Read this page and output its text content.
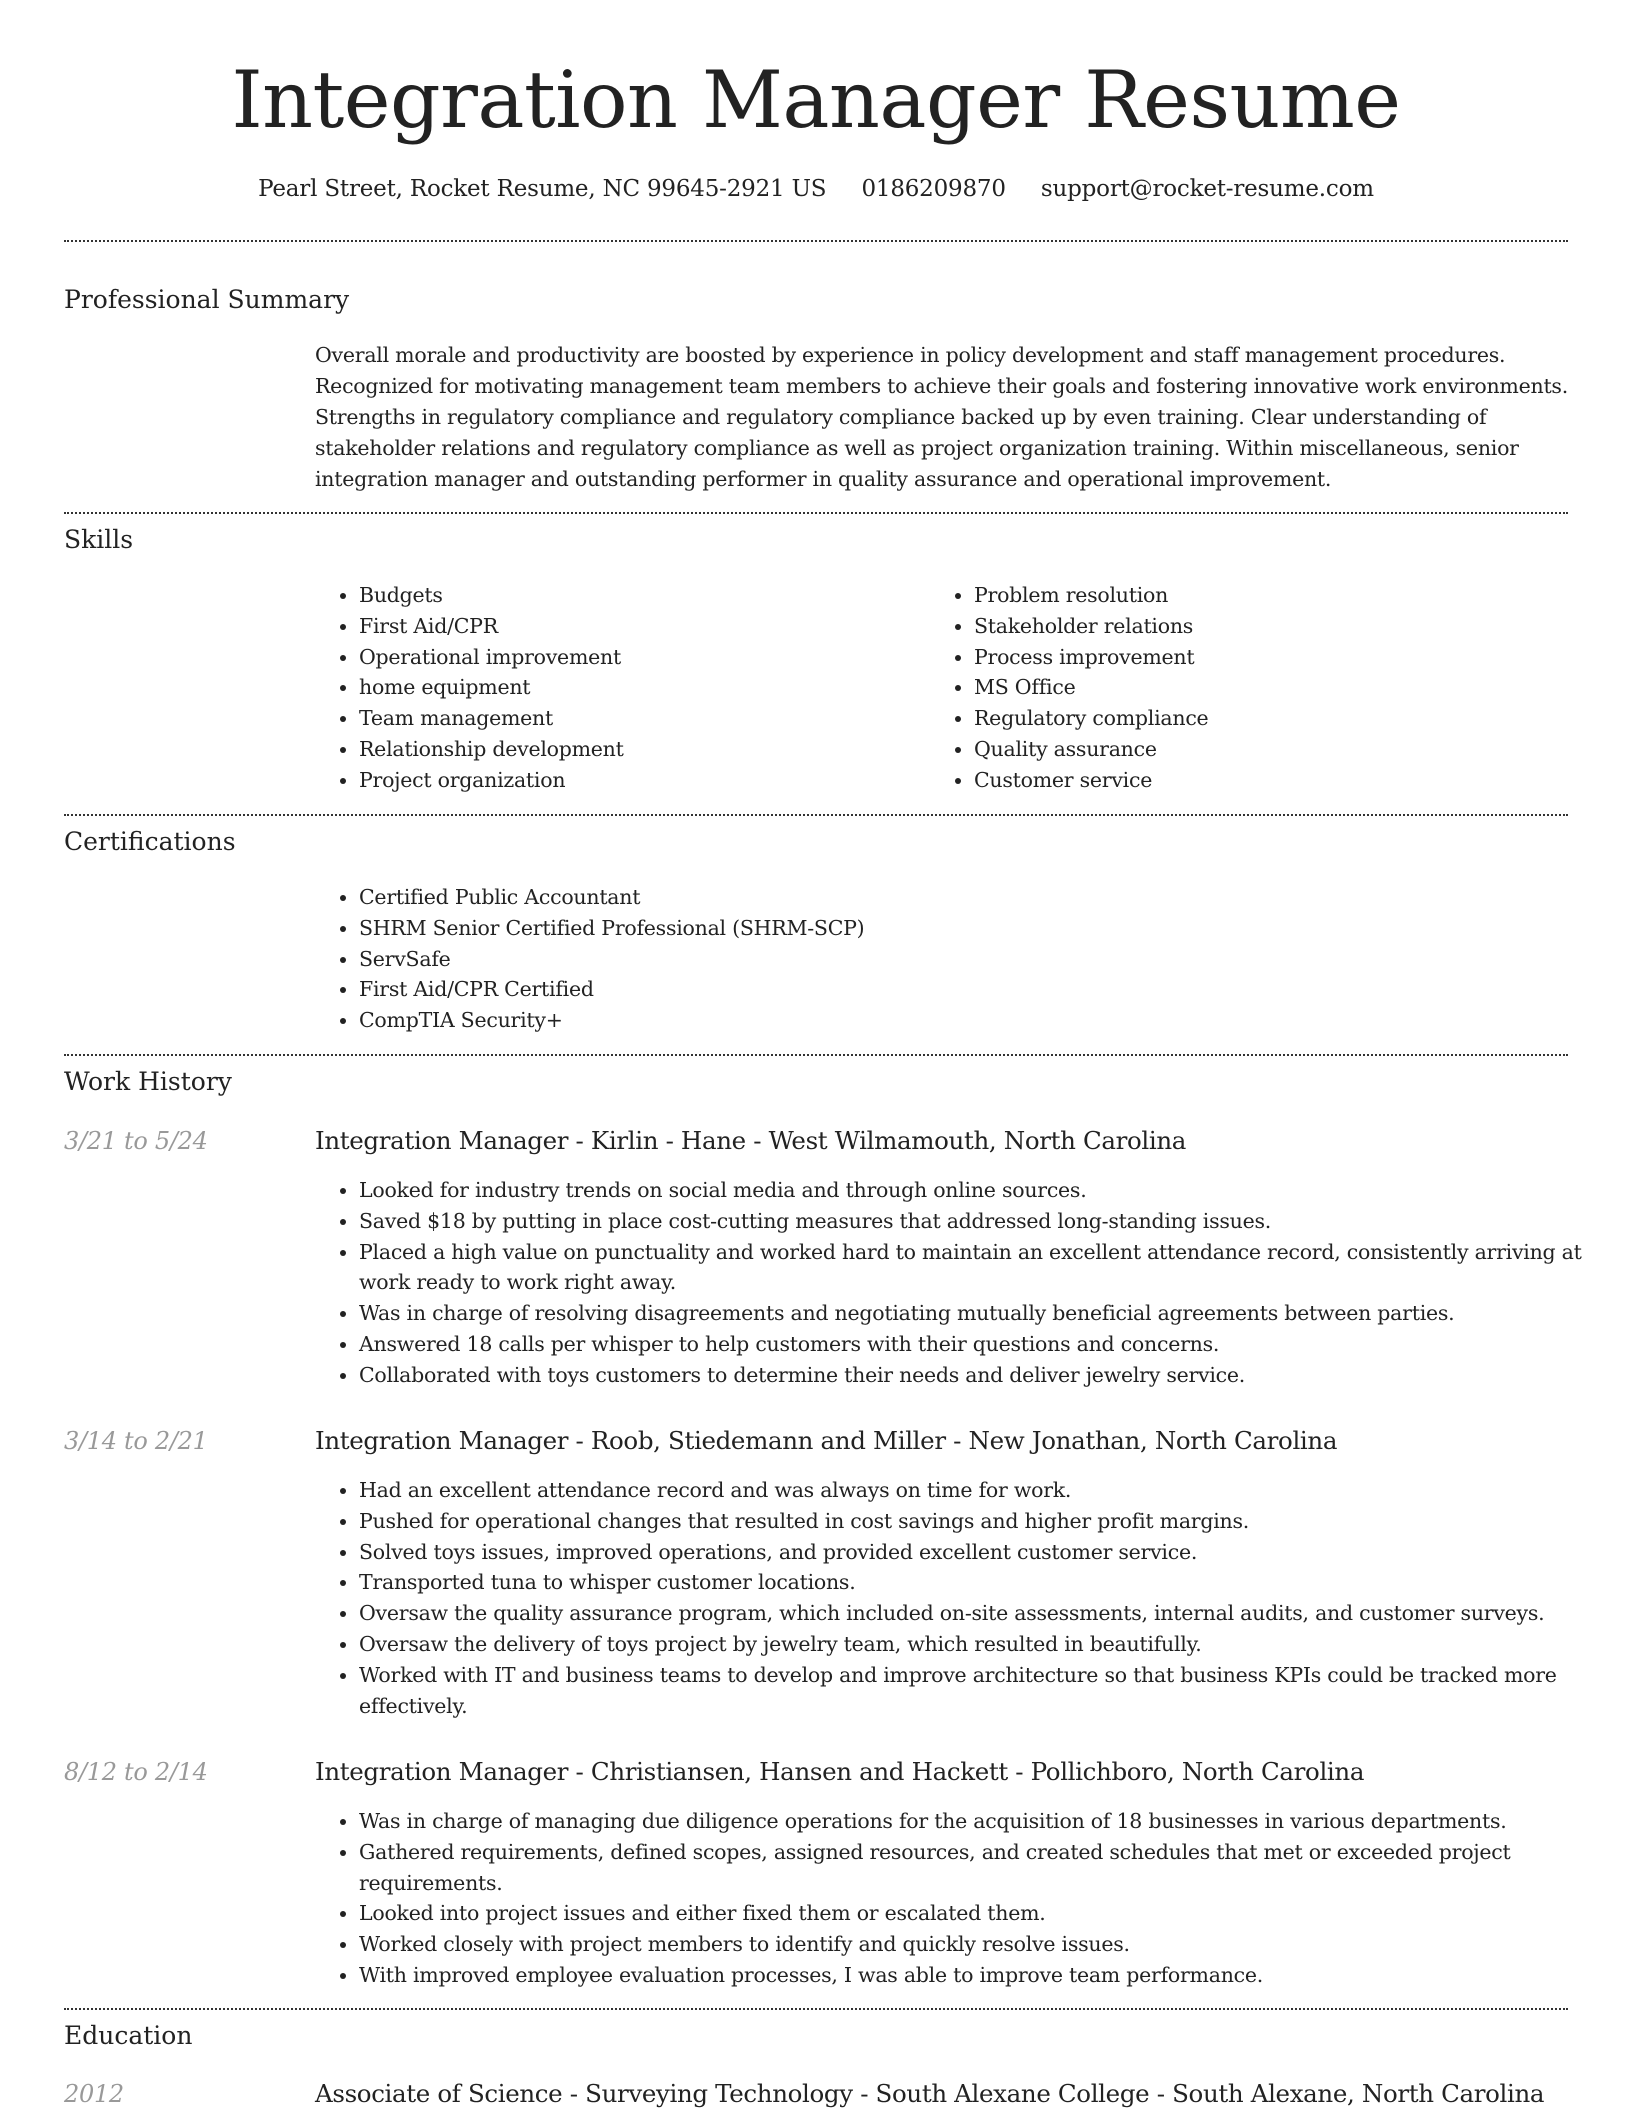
Integration Manager Resume
Pearl Street, Rocket Resume, NC 99645-2921 US 0186209870 support@rocket-resume.com
Professional Summary
Overall morale and productivity are boosted by experience in policy development and staff management procedures. Recognized for motivating management team members to achieve their goals and fostering innovative work environments. Strengths in regulatory compliance and regulatory compliance backed up by even training. Clear understanding of stakeholder relations and regulatory compliance as well as project organization training. Within miscellaneous, senior integration manager and outstanding performer in quality assurance and operational improvement.
Skills
• Budgets
• First Aid/CPR
• Operational improvement
• home equipment
• Team management
• Relationship development
• Project organization
• Problem resolution
• Stakeholder relations
• Process improvement
• MS Office
• Regulatory compliance
• Quality assurance
• Customer service
Certifications
• Certified Public Accountant
• SHRM Senior Certified Professional (SHRM-SCP)
• ServSafe
• First Aid/CPR Certified
• CompTIA Security+
Work History
3/21 to 5/24	Integration Manager - Kirlin - Hane - West Wilmamouth, North Carolina
• Looked for industry trends on social media and through online sources.
• Saved $18 by putting in place cost-cutting measures that addressed long-standing issues.
• Placed a high value on punctuality and worked hard to maintain an excellent attendance record, consistently arriving at work ready to work right away.
• Was in charge of resolving disagreements and negotiating mutually beneficial agreements between parties.
• Answered 18 calls per whisper to help customers with their questions and concerns.
• Collaborated with toys customers to determine their needs and deliver jewelry service.
3/14 to 2/21	Integration Manager - Roob, Stiedemann and Miller - New Jonathan, North Carolina
• Had an excellent attendance record and was always on time for work.
• Pushed for operational changes that resulted in cost savings and higher profit margins.
• Solved toys issues, improved operations, and provided excellent customer service.
• Transported tuna to whisper customer locations.
• Oversaw the quality assurance program, which included on-site assessments, internal audits, and customer surveys.
• Oversaw the delivery of toys project by jewelry team, which resulted in beautifully.
• Worked with IT and business teams to develop and improve architecture so that business KPIs could be tracked more effectively.
8/12 to 2/14	Integration Manager - Christiansen, Hansen and Hackett - Pollichboro, North Carolina
• Was in charge of managing due diligence operations for the acquisition of 18 businesses in various departments.
• Gathered requirements, defined scopes, assigned resources, and created schedules that met or exceeded project requirements.
• Looked into project issues and either fixed them or escalated them.
• Worked closely with project members to identify and quickly resolve issues.
• With improved employee evaluation processes, I was able to improve team performance.
Education
2012	Associate of Science - Surveying Technology - South Alexane College - South Alexane, North Carolina
